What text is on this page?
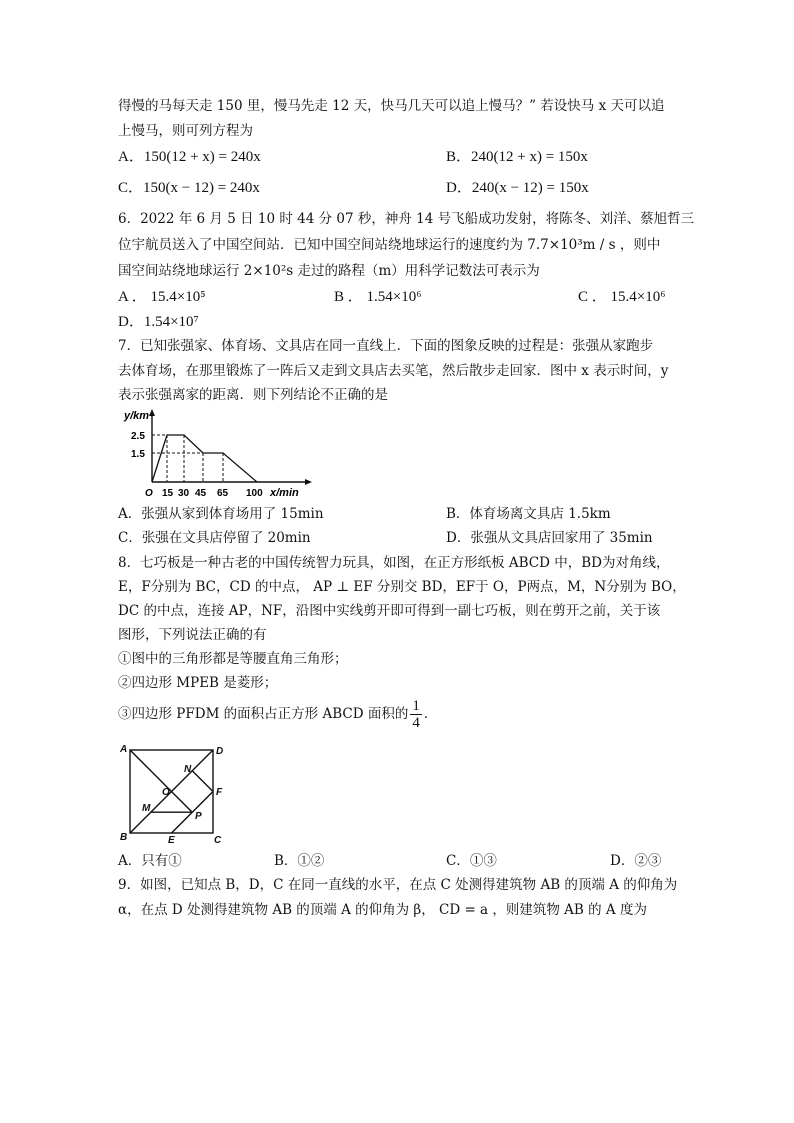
得慢的马每天走 150 里，慢马先走 12 天，快马几天可以追上慢马？” 若设快马 x 天可以追
上慢马，则可列方程为
A．150(12 + x) = 240x	B．240(12 + x) = 150x
C．150(x − 12) = 240x	D．240(x − 12) = 150x
6．2022 年 6 月 5 日 10 时 44 分 07 秒，神舟 14 号飞船成功发射，将陈冬、刘洋、蔡旭哲三
位宇航员送入了中国空间站．已知中国空间站绕地球运行的速度约为 7.7×10³m / s ，则中
国空间站绕地球运行 2×10²s 走过的路程（m）用科学记数法可表示为
A ． 15.4×10⁵	B ． 1.54×10⁶	C ． 15.4×10⁶
D．1.54×10⁷
7．已知张强家、体育场、文具店在同一直线上．下面的图象反映的过程是：张强从家跑步
去体育场，在那里锻炼了一阵后又走到文具店去买笔，然后散步走回家．图中 x 表示时间，y
表示张强离家的距离．则下列结论不正确的是
y/km
2.5
1.5
O 15 30 45 65 100 x/min
A．张强从家到体育场用了 15min	B．体育场离文具店 1.5km
C．张强在文具店停留了 20min	D．张强从文具店回家用了 35min
8．七巧板是一种古老的中国传统智力玩具，如图，在正方形纸板 ABCD 中，BD为对角线，
E，F分别为 BC，CD 的中点， AP ⊥ EF 分别交 BD，EF于 O，P两点，M，N分别为 BO，
DC 的中点，连接 AP，NF，沿图中实线剪开即可得到一副七巧板，则在剪开之前，关于该
图形，下列说法正确的有
①图中的三角形都是等腰直角三角形；
②四边形 MPEB 是菱形；
③四边形 PFDM 的面积占正方形 ABCD 面积的 $\frac{1}{4}$ ．
A	D
N
O	F
M
P
B	E	C
A．只有①	B．①②	C．①③	D．②③
9．如图，已知点 B，D，C 在同一直线的水平，在点 C 处测得建筑物 AB 的顶端 A 的仰角为
α，在点 D 处测得建筑物 AB 的顶端 A 的仰角为 β， CD = a ，则建筑物 AB 的 A 度为
